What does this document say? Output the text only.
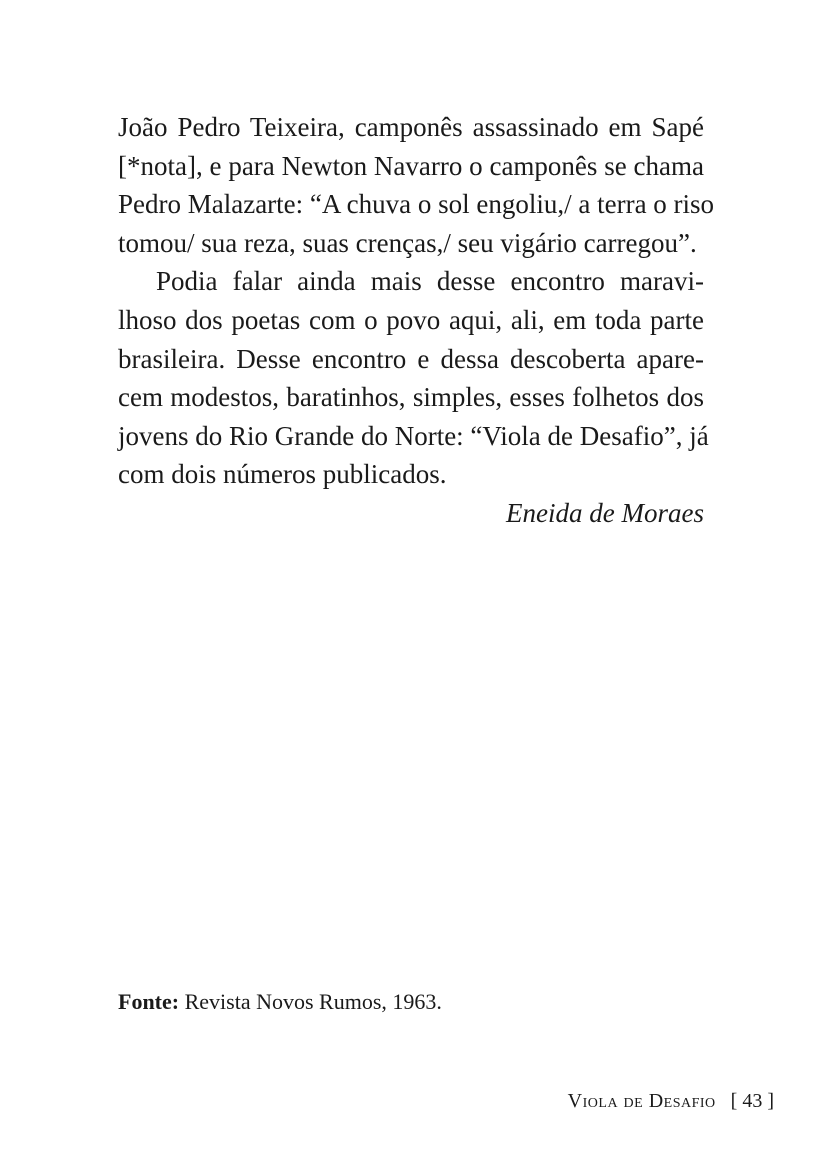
João Pedro Teixeira, camponês assassinado em Sapé
[*nota], e para Newton Navarro o camponês se chama
Pedro Malazarte: “A chuva o sol engoliu,/ a terra o riso
tomou/ sua reza, suas crenças,/ seu vigário carregou”.

Podia falar ainda mais desse encontro maravi-
lhoso dos poetas com o povo aqui, ali, em toda parte
brasileira. Desse encontro e dessa descoberta apare-
cem modestos, baratinhos, simples, esses folhetos dos
jovens do Rio Grande do Norte: “Viola de Desafio”, já
com dois números publicados.

Eneida de Moraes
Fonte: Revista Novos Rumos, 1963.
Viola de Desafio [ 43 ]
